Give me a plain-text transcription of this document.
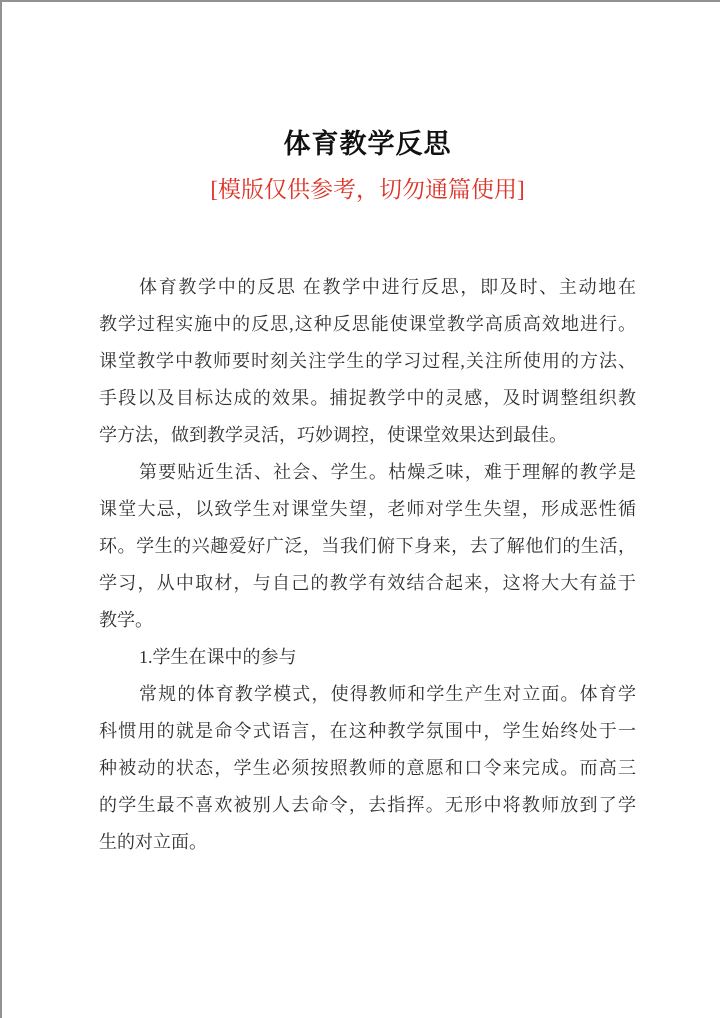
体育教学反思
[模版仅供参考，切勿通篇使用]
体育教学中的反思 在教学中进行反思，即及时、主动地在
教学过程实施中的反思,这种反思能使课堂教学高质高效地进行。
课堂教学中教师要时刻关注学生的学习过程,关注所使用的方法、
手段以及目标达成的效果。捕捉教学中的灵感，及时调整组织教
学方法，做到教学灵活，巧妙调控，使课堂效果达到最佳。
第要贴近生活、社会、学生。枯燥乏味，难于理解的教学是
课堂大忌，以致学生对课堂失望，老师对学生失望，形成恶性循
环。学生的兴趣爱好广泛，当我们俯下身来，去了解他们的生活，
学习，从中取材，与自己的教学有效结合起来，这将大大有益于
教学。
1.学生在课中的参与
常规的体育教学模式，使得教师和学生产生对立面。体育学
科惯用的就是命令式语言，在这种教学氛围中，学生始终处于一
种被动的状态，学生必须按照教师的意愿和口令来完成。而高三
的学生最不喜欢被别人去命令，去指挥。无形中将教师放到了学
生的对立面。
